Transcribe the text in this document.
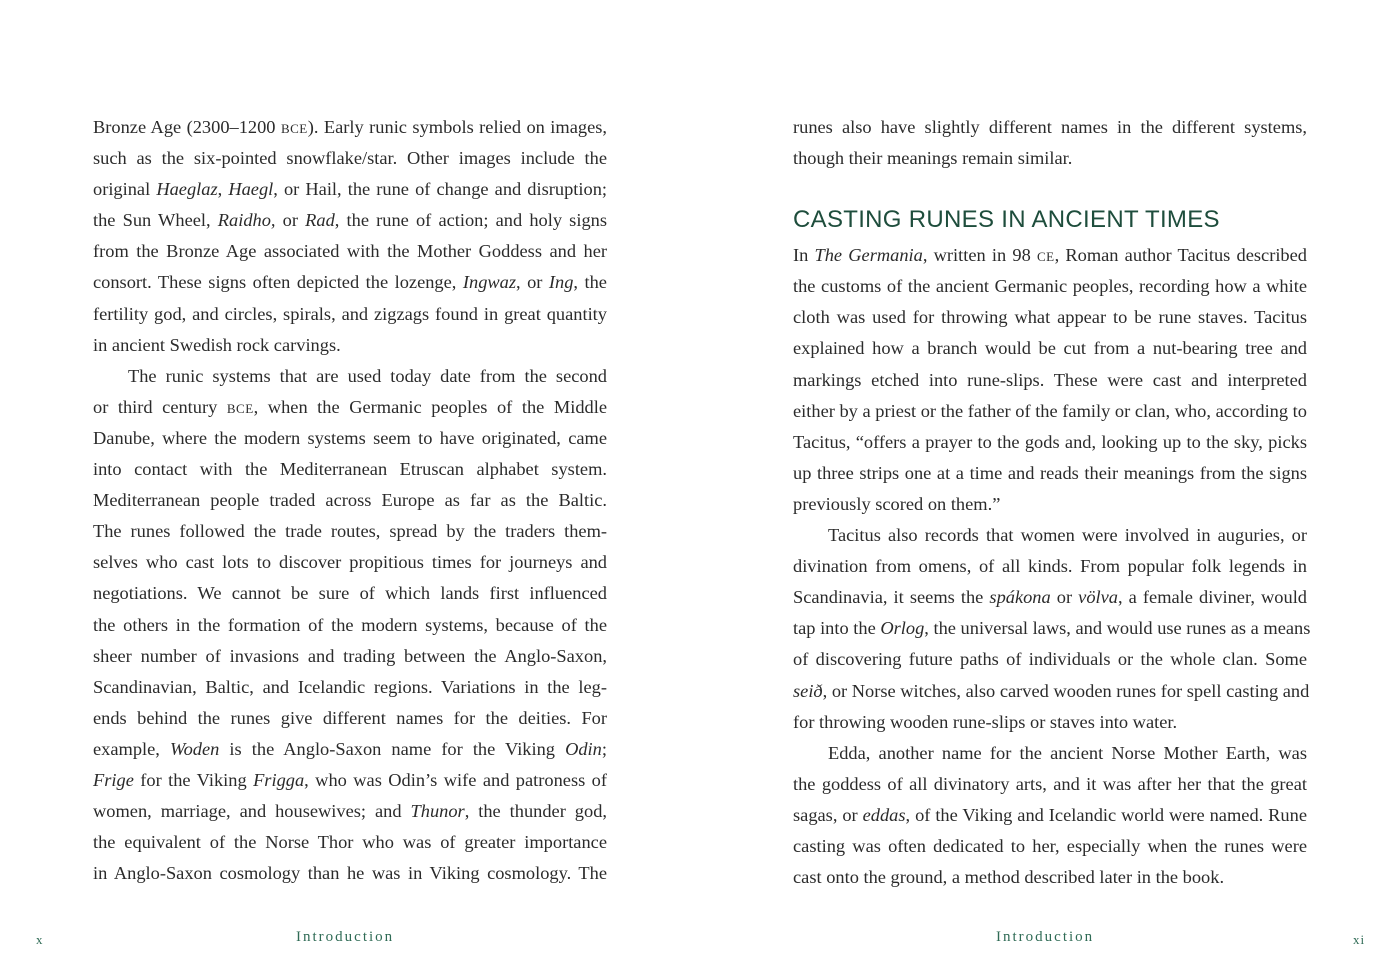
Bronze Age (2300–1200 bce). Early runic symbols relied on images,
such as the six-pointed snowflake/star. Other images include the
original Haeglaz, Haegl, or Hail, the rune of change and disruption;
the Sun Wheel, Raidho, or Rad, the rune of action; and holy signs
from the Bronze Age associated with the Mother Goddess and her
consort. These signs often depicted the lozenge, Ingwaz, or Ing, the
fertility god, and circles, spirals, and zigzags found in great quantity
in ancient Swedish rock carvings.
The runic systems that are used today date from the second
or third century bce, when the Germanic peoples of the Middle
Danube, where the modern systems seem to have originated, came
into contact with the Mediterranean Etruscan alphabet system.
Mediterranean people traded across Europe as far as the Baltic.
The runes followed the trade routes, spread by the traders them-
selves who cast lots to discover propitious times for journeys and
negotiations. We cannot be sure of which lands first influenced
the others in the formation of the modern systems, because of the
sheer number of invasions and trading between the Anglo-Saxon,
Scandinavian, Baltic, and Icelandic regions. Variations in the leg-
ends behind the runes give different names for the deities. For
example, Woden is the Anglo-Saxon name for the Viking Odin;
Frige for the Viking Frigga, who was Odin’s wife and patroness of
women, marriage, and housewives; and Thunor, the thunder god,
the equivalent of the Norse Thor who was of greater importance
in Anglo-Saxon cosmology than he was in Viking cosmology. The
x	Introduction
runes also have slightly different names in the different systems,
though their meanings remain similar.
CASTING RUNES IN ANCIENT TIMES
In The Germania, written in 98 ce, Roman author Tacitus described
the customs of the ancient Germanic peoples, recording how a white
cloth was used for throwing what appear to be rune staves. Tacitus
explained how a branch would be cut from a nut-bearing tree and
markings etched into rune-slips. These were cast and interpreted
either by a priest or the father of the family or clan, who, according to
Tacitus, “offers a prayer to the gods and, looking up to the sky, picks
up three strips one at a time and reads their meanings from the signs
previously scored on them.”
Tacitus also records that women were involved in auguries, or
divination from omens, of all kinds. From popular folk legends in
Scandinavia, it seems the spákona or völva, a female diviner, would
tap into the Orlog, the universal laws, and would use runes as a means
of discovering future paths of individuals or the whole clan. Some
seið, or Norse witches, also carved wooden runes for spell casting and
for throwing wooden rune-slips or staves into water.
Edda, another name for the ancient Norse Mother Earth, was
the goddess of all divinatory arts, and it was after her that the great
sagas, or eddas, of the Viking and Icelandic world were named. Rune
casting was often dedicated to her, especially when the runes were
cast onto the ground, a method described later in the book.
Introduction	xi
